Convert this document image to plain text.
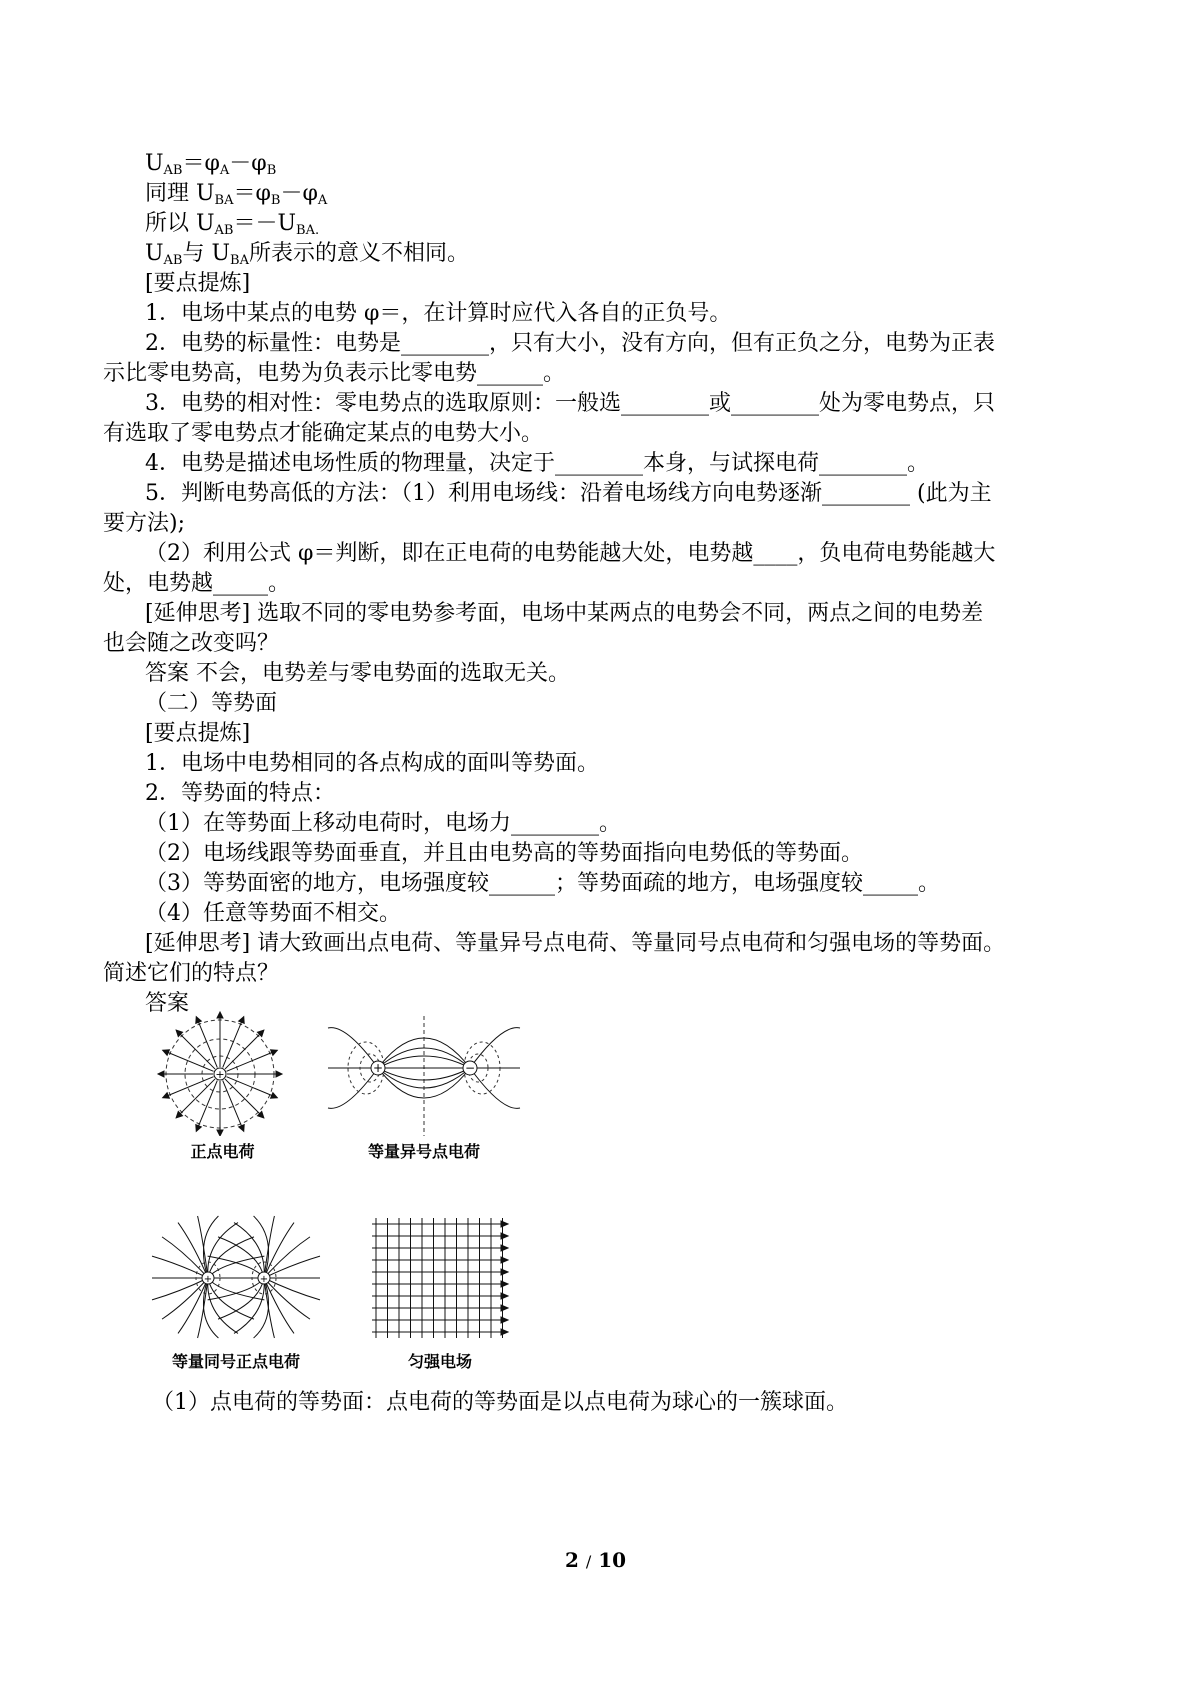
$U_{AB}=\varphi_A-\varphi_B$
同理 $U_{BA}=\varphi_B-\varphi_A$
所以 $U_{AB}=-U_{BA.}$
$U_{AB}$与 $U_{BA}$所表示的意义不相同。
[要点提炼]
1．电场中某点的电势 φ＝，在计算时应代入各自的正负号。
2．电势的标量性：电势是________，只有大小，没有方向，但有正负之分，电势为正表
示比零电势高，电势为负表示比零电势______。
3．电势的相对性：零电势点的选取原则：一般选________或________处为零电势点，只
有选取了零电势点才能确定某点的电势大小。
4．电势是描述电场性质的物理量，决定于________本身，与试探电荷________。
5．判断电势高低的方法：（1）利用电场线：沿着电场线方向电势逐渐________ (此为主
要方法);
（2）利用公式 φ＝判断，即在正电荷的电势能越大处，电势越____，负电荷电势能越大
处，电势越_____。
[延伸思考] 选取不同的零电势参考面，电场中某两点的电势会不同，两点之间的电势差
也会随之改变吗？
答案 不会，电势差与零电势面的选取无关。
（二）等势面
[要点提炼]
1．电场中电势相同的各点构成的面叫等势面。
2．等势面的特点：
（1）在等势面上移动电荷时，电场力________。
（2）电场线跟等势面垂直，并且由电势高的等势面指向电势低的等势面。
（3）等势面密的地方，电场强度较______；等势面疏的地方，电场强度较_____。
（4）任意等势面不相交。
[延伸思考] 请大致画出点电荷、等量异号点电荷、等量同号点电荷和匀强电场的等势面。
简述它们的特点？
答案
+
正点电荷
+	−
等量异号点电荷
+	+
等量同号正点电荷	匀强电场
（1）点电荷的等势面：点电荷的等势面是以点电荷为球心的一簇球面。
2 / 10
